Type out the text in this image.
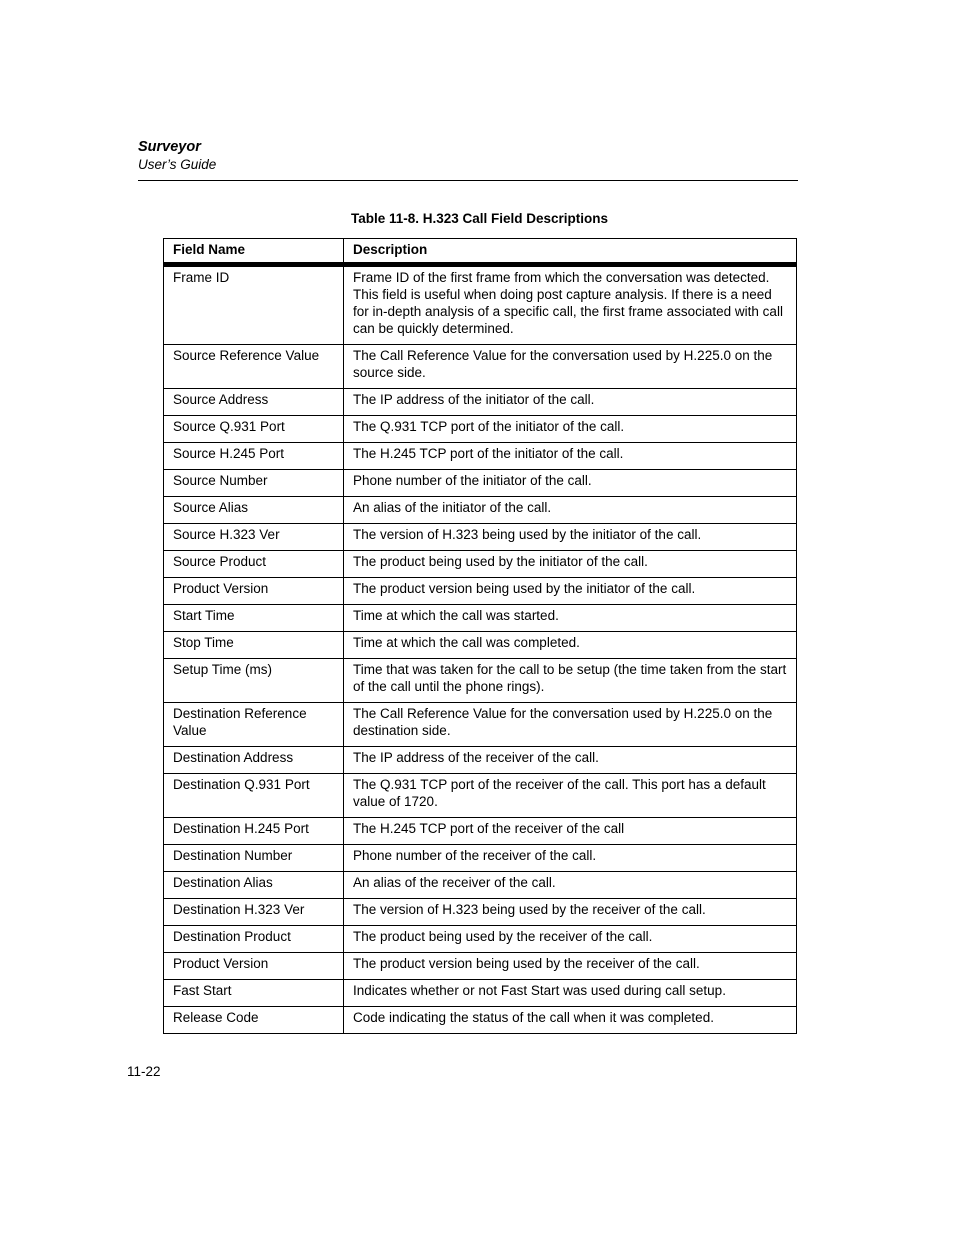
Surveyor
User’s Guide
Table 11-8. H.323 Call Field Descriptions
Field Name	Description
Frame ID	Frame ID of the first frame from which the conversation was detected. This field is useful when doing post capture analysis. If there is a need for in-depth analysis of a specific call, the first frame associated with call can be quickly determined.
Source Reference Value	The Call Reference Value for the conversation used by H.225.0 on the source side.
Source Address	The IP address of the initiator of the call.
Source Q.931 Port	The Q.931 TCP port of the initiator of the call.
Source H.245 Port	The H.245 TCP port of the initiator of the call.
Source Number	Phone number of the initiator of the call.
Source Alias	An alias of the initiator of the call.
Source H.323 Ver	The version of H.323 being used by the initiator of the call.
Source Product	The product being used by the initiator of the call.
Product Version	The product version being used by the initiator of the call.
Start Time	Time at which the call was started.
Stop Time	Time at which the call was completed.
Setup Time (ms)	Time that was taken for the call to be setup (the time taken from the start of the call until the phone rings).
Destination Reference Value	The Call Reference Value for the conversation used by H.225.0 on the destination side.
Destination Address	The IP address of the receiver of the call.
Destination Q.931 Port	The Q.931 TCP port of the receiver of the call. This port has a default value of 1720.
Destination H.245 Port	The H.245 TCP port of the receiver of the call
Destination Number	Phone number of the receiver of the call.
Destination Alias	An alias of the receiver of the call.
Destination H.323 Ver	The version of H.323 being used by the receiver of the call.
Destination Product	The product being used by the receiver of the call.
Product Version	The product version being used by the receiver of the call.
Fast Start	Indicates whether or not Fast Start was used during call setup.
Release Code	Code indicating the status of the call when it was completed.
11-22
